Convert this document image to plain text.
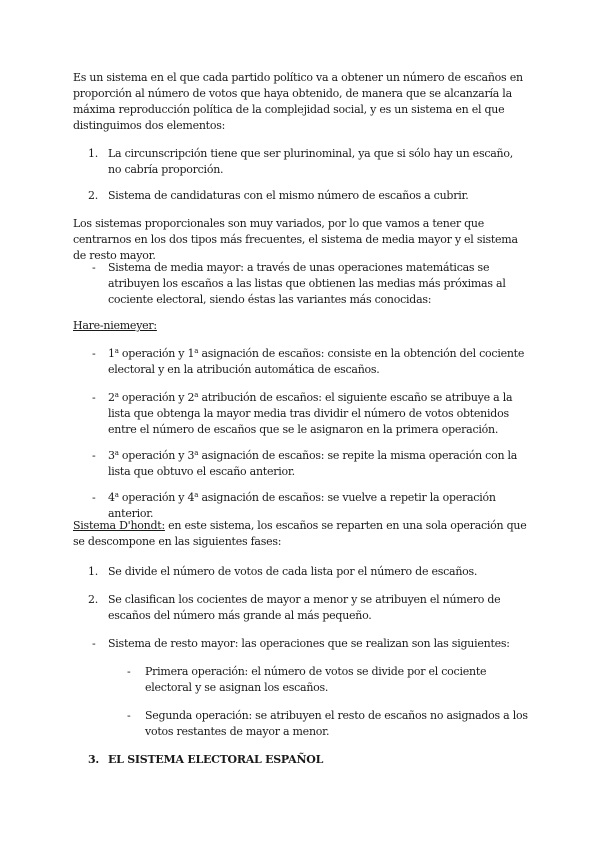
Es un sistema en el que cada partido político va a obtener un número de escaños en proporción al número de votos que haya obtenido, de manera que se alcanzaría la máxima reproducción política de la complejidad social, y es un sistema en el que distinguimos dos elementos:

1. La circunscripción tiene que ser plurinominal, ya que si sólo hay un escaño, no cabría proporción.

2. Sistema de candidaturas con el mismo número de escaños a cubrir.

Los sistemas proporcionales son muy variados, por lo que vamos a tener que centrarnos en los dos tipos más frecuentes, el sistema de media mayor y el sistema de resto mayor.

- Sistema de media mayor: a través de unas operaciones matemáticas se atribuyen los escaños a las listas que obtienen las medias más próximas al cociente electoral, siendo éstas las variantes más conocidas:

Hare-niemeyer:

- 1$^a$ operación y 1$^a$ asignación de escaños: consiste en la obtención del cociente electoral y en la atribución automática de escaños.

- 2$^a$ operación y 2$^a$ atribución de escaños: el siguiente escaño se atribuye a la lista que obtenga la mayor media tras dividir el número de votos obtenidos entre el número de escaños que se le asignaron en la primera operación.

- 3$^a$ operación y 3$^a$ asignación de escaños: se repite la misma operación con la lista que obtuvo el escaño anterior.

- 4$^a$ operación y 4$^a$ asignación de escaños: se vuelve a repetir la operación anterior.

Sistema D'hondt: en este sistema, los escaños se reparten en una sola operación que se descompone en las siguientes fases:

1. Se divide el número de votos de cada lista por el número de escaños.

2. Se clasifican los cocientes de mayor a menor y se atribuyen el número de escaños del número más grande al más pequeño.

- Sistema de resto mayor: las operaciones que se realizan son las siguientes:

- Primera operación: el número de votos se divide por el cociente electoral y se asignan los escaños.

- Segunda operación: se atribuyen el resto de escaños no asignados a los votos restantes de mayor a menor.

3. EL SISTEMA ELECTORAL ESPAÑOL
